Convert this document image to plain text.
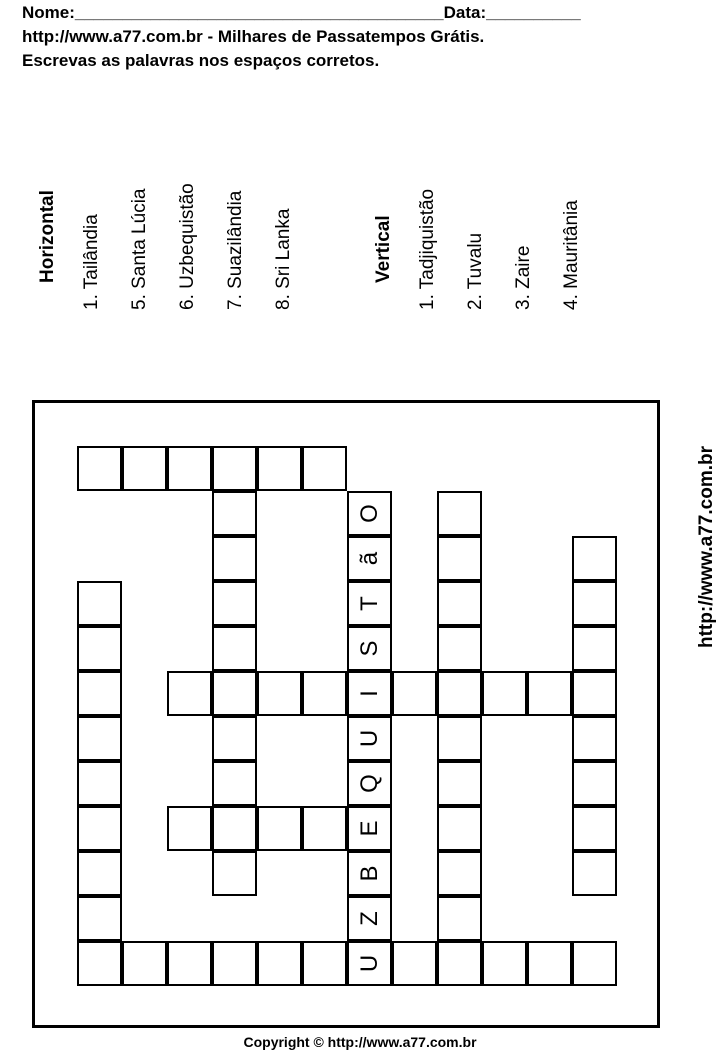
Nome:_______________________________________Data:__________
http://www.a77.com.br - Milhares de Passatempos Grátis.
Escrevas as palavras nos espaços corretos.
Horizontal 1. Tailândia 5. Santa Lúcia 6. Uzbequistão 7. Suazilândia 8. Sri Lanka	Vertical 1. Tadjiquistão 2. Tuvalu 3. Zaire 4. Mauritânia
O
ã
T
S
I
U
Q
E
B
Z
U
http://www.a77.com.br
Copyright © http://www.a77.com.br
